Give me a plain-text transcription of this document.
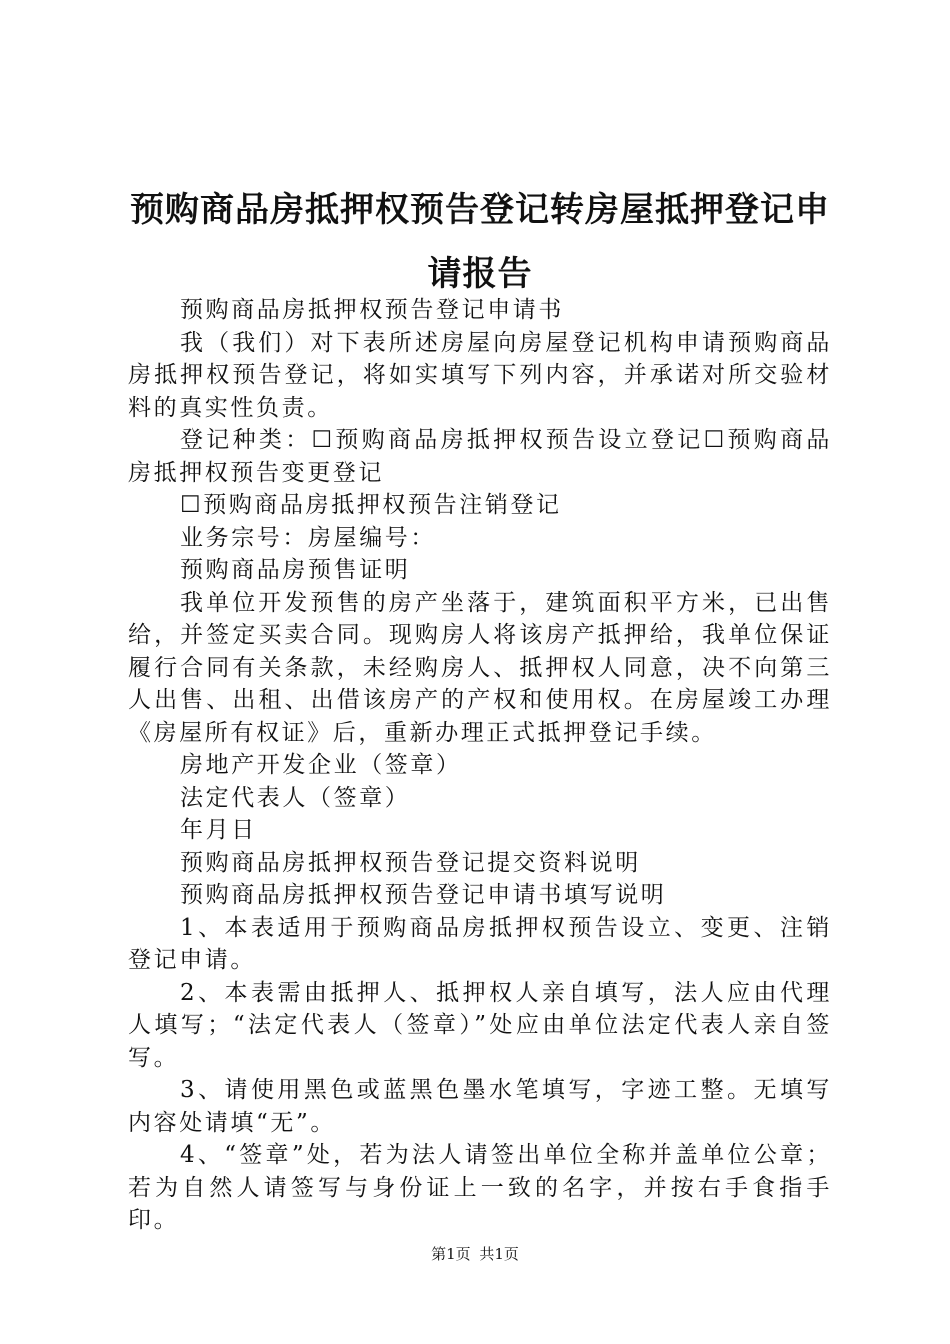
预购商品房抵押权预告登记转房屋抵押登记申请报告

预购商品房抵押权预告登记申请书

我（我们）对下表所述房屋向房屋登记机构申请预购商品房抵押权预告登记，将如实填写下列内容，并承诺对所交验材料的真实性负责。

登记种类：☐预购商品房抵押权预告设立登记☐预购商品房抵押权预告变更登记

☐预购商品房抵押权预告注销登记

业务宗号：房屋编号：

预购商品房预售证明

我单位开发预售的房产坐落于，建筑面积平方米，已出售给，并签定买卖合同。现购房人将该房产抵押给，我单位保证履行合同有关条款，未经购房人、抵押权人同意，决不向第三人出售、出租、出借该房产的产权和使用权。在房屋竣工办理《房屋所有权证》后，重新办理正式抵押登记手续。

房地产开发企业（签章）

法定代表人（签章）

年月日

预购商品房抵押权预告登记提交资料说明

预购商品房抵押权预告登记申请书填写说明

1、本表适用于预购商品房抵押权预告设立、变更、注销登记申请。

2、本表需由抵押人、抵押权人亲自填写，法人应由代理人填写；“法定代表人（签章）”处应由单位法定代表人亲自签写。

3、请使用黑色或蓝黑色墨水笔填写，字迹工整。无填写内容处请填“无”。

4、“签章”处，若为法人请签出单位全称并盖单位公章；若为自然人请签写与身份证上一致的名字，并按右手食指手印。

第1页 共1页
